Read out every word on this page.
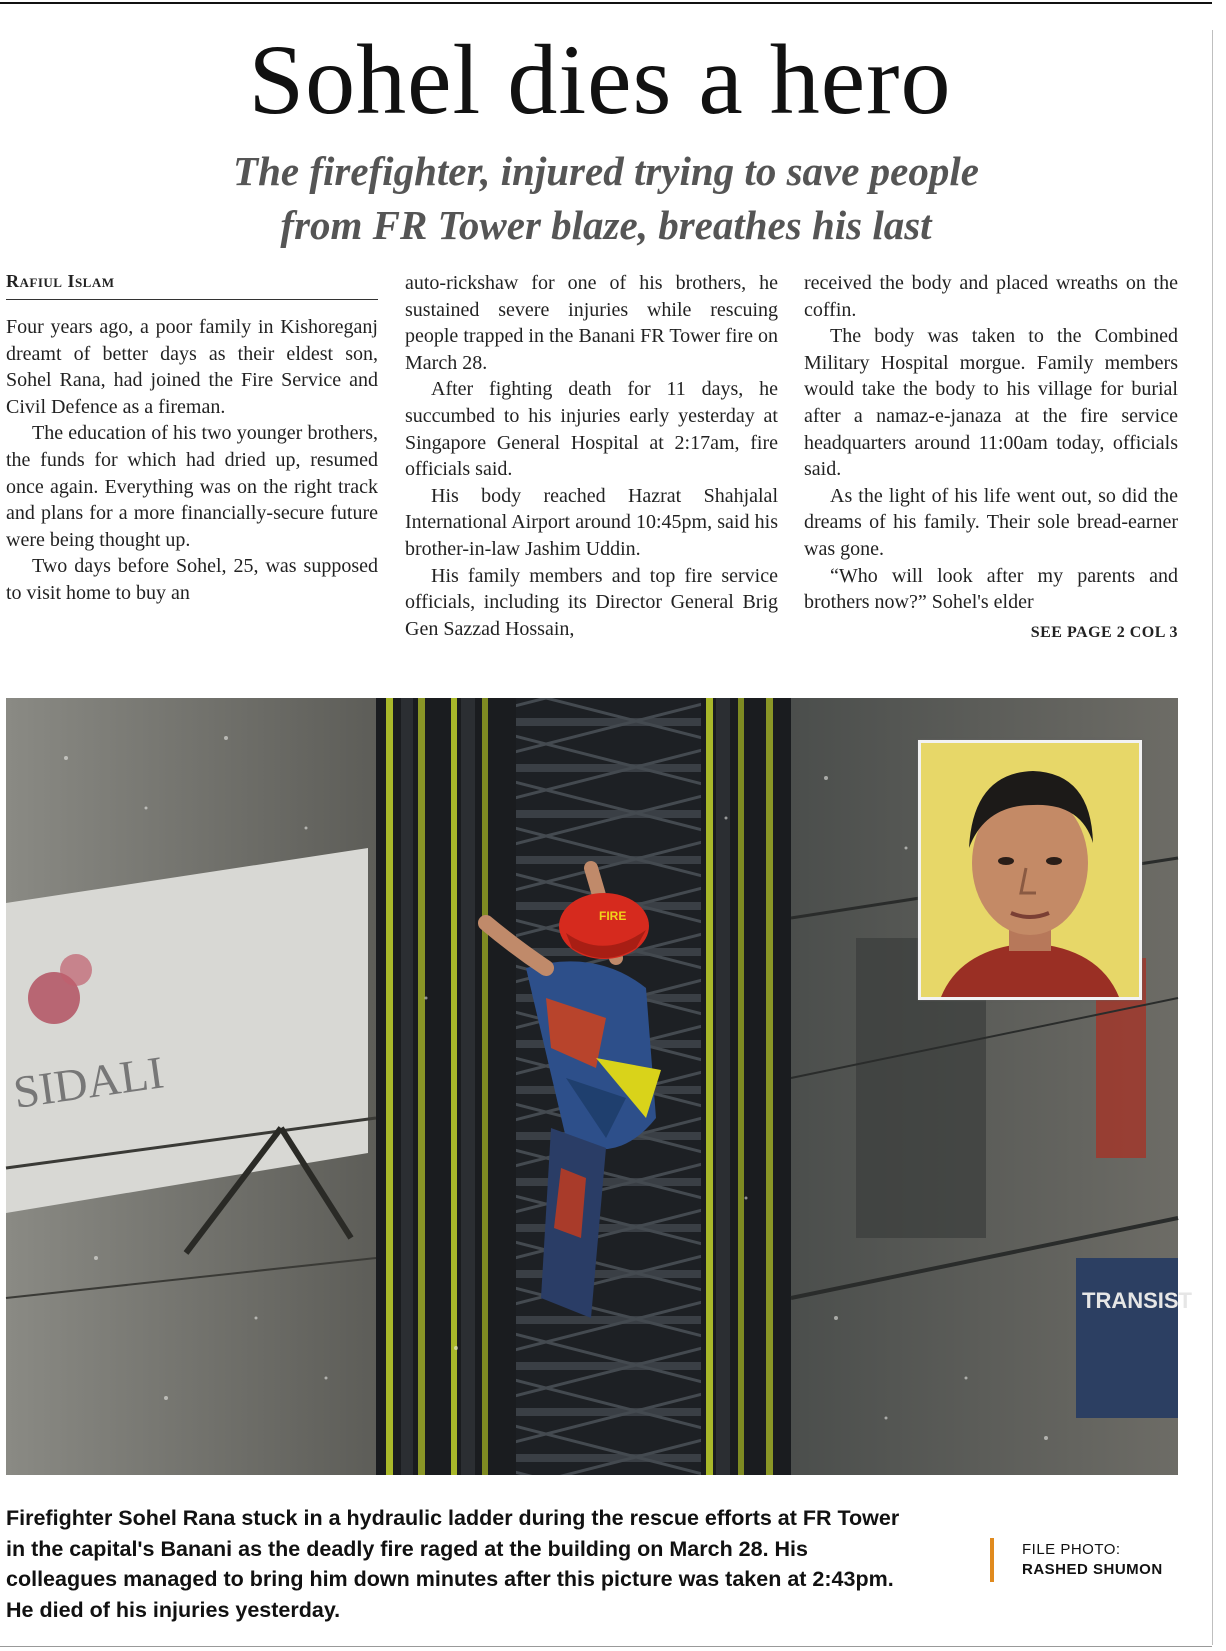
Sohel dies a hero
The firefighter, injured trying to save people
from FR Tower blaze, breathes his last
Rafiul Islam

Four years ago, a poor family in Kishoreganj dreamt of better days as their eldest son, Sohel Rana, had joined the Fire Service and Civil Defence as a fireman.

The education of his two younger brothers, the funds for which had dried up, resumed once again. Everything was on the right track and plans for a more financially-secure future were being thought up.

Two days before Sohel, 25, was supposed to visit home to buy an

auto-rickshaw for one of his brothers, he sustained severe injuries while rescuing people trapped in the Banani FR Tower fire on March 28.

After fighting death for 11 days, he succumbed to his injuries early yesterday at Singapore General Hospital at 2:17am, fire officials said.

His body reached Hazrat Shahjalal International Airport around 10:45pm, said his brother-in-law Jashim Uddin.

His family members and top fire service officials, including its Director General Brig Gen Sazzad Hossain,

received the body and placed wreaths on the coffin.

The body was taken to the Combined Military Hospital morgue. Family members would take the body to his village for burial after a namaz-e-janaza at the fire service headquarters around 11:00am today, officials said.

As the light of his life went out, so did the dreams of his family. Their sole bread-earner was gone.

“Who will look after my parents and brothers now?” Sohel's elder

SEE PAGE 2 COL 3
SIDALI
FIRE
TRANSIST
Firefighter Sohel Rana stuck in a hydraulic ladder during the rescue efforts at FR Tower in the capital's Banani as the deadly fire raged at the building on March 28. His colleagues managed to bring him down minutes after this picture was taken at 2:43pm. He died of his injuries yesterday.
FILE PHOTO:
RASHED SHUMON
